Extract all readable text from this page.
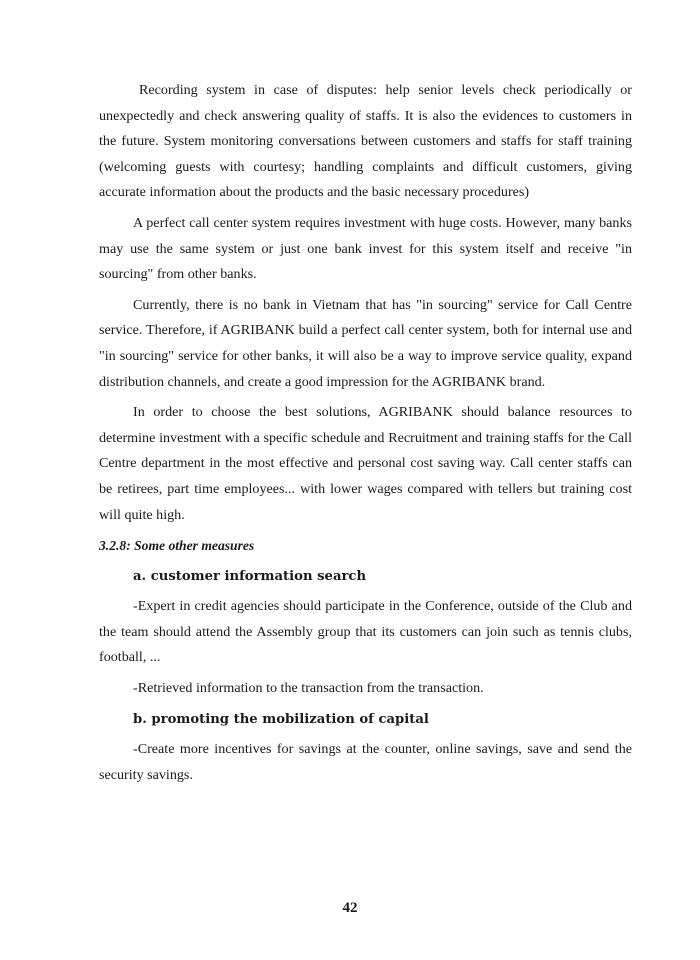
Recording system in case of disputes: help senior levels check periodically or unexpectedly and check answering quality of staffs. It is also the evidences to customers in the future. System monitoring conversations between customers and staffs for staff training (welcoming guests with courtesy; handling complaints and difficult customers, giving accurate information about the products and the basic necessary procedures)

A perfect call center system requires investment with huge costs. However, many banks may use the same system or just one bank invest for this system itself and receive "in sourcing" from other banks.

Currently, there is no bank in Vietnam that has "in sourcing" service for Call Centre service. Therefore, if AGRIBANK build a perfect call center system, both for internal use and "in sourcing" service for other banks, it will also be a way to improve service quality, expand distribution channels, and create a good impression for the AGRIBANK brand.

In order to choose the best solutions, AGRIBANK should balance resources to determine investment with a specific schedule and Recruitment and training staffs for the Call Centre department in the most effective and personal cost saving way. Call center staffs can be retirees, part time employees... with lower wages compared with tellers but training cost will quite high.

3.2.8: Some other measures
a. customer information search

-Expert in credit agencies should participate in the Conference, outside of the Club and the team should attend the Assembly group that its customers can join such as tennis clubs, football, ...

-Retrieved information to the transaction from the transaction.

b. promoting the mobilization of capital

-Create more incentives for savings at the counter, online savings, save and send the security savings.

42
